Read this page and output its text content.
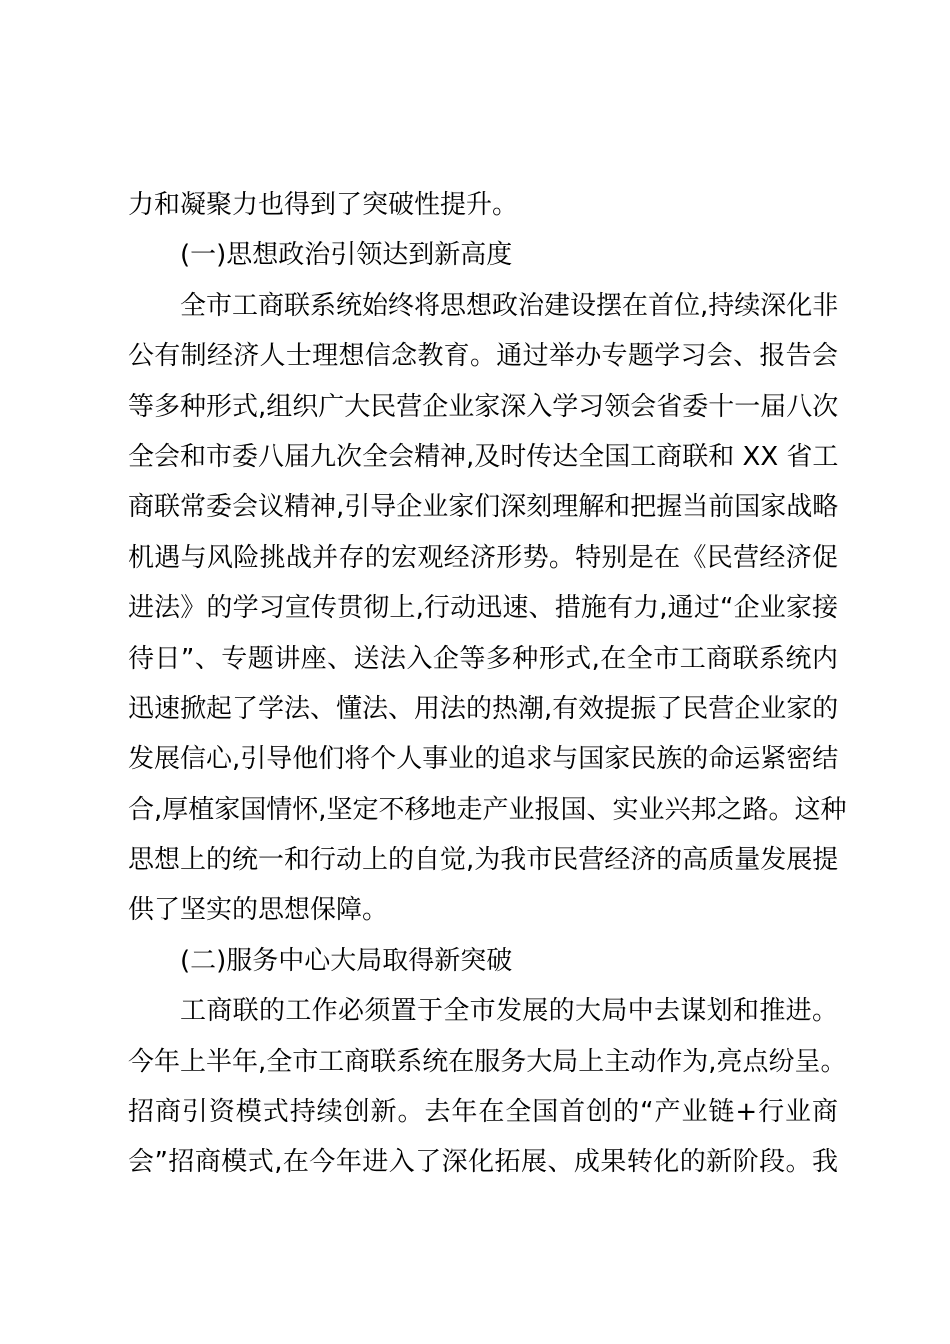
力和凝聚力也得到了突破性提升。
(一)思想政治引领达到新高度
全市工商联系统始终将思想政治建设摆在首位,持续深化非
公有制经济人士理想信念教育。通过举办专题学习会、报告会
等多种形式,组织广大民营企业家深入学习领会省委十一届八次
全会和市委八届九次全会精神,及时传达全国工商联和 XX 省工
商联常委会议精神,引导企业家们深刻理解和把握当前国家战略
机遇与风险挑战并存的宏观经济形势。特别是在《民营经济促
进法》的学习宣传贯彻上,行动迅速、措施有力,通过“企业家接
待日”、专题讲座、送法入企等多种形式,在全市工商联系统内
迅速掀起了学法、懂法、用法的热潮,有效提振了民营企业家的
发展信心,引导他们将个人事业的追求与国家民族的命运紧密结
合,厚植家国情怀,坚定不移地走产业报国、实业兴邦之路。这种
思想上的统一和行动上的自觉,为我市民营经济的高质量发展提
供了坚实的思想保障。
(二)服务中心大局取得新突破
工商联的工作必须置于全市发展的大局中去谋划和推进。
今年上半年,全市工商联系统在服务大局上主动作为,亮点纷呈。
招商引资模式持续创新。去年在全国首创的“产业链+行业商
会”招商模式,在今年进入了深化拓展、成果转化的新阶段。我
